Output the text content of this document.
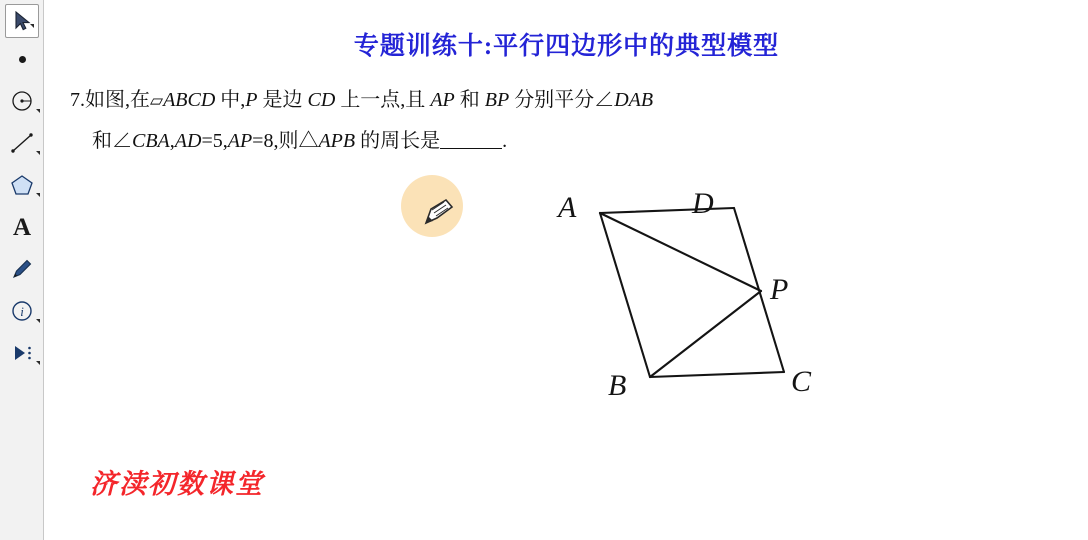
A
i
专题训练十:平行四边形中的典型模型
7.如图,在▱ABCD 中,P 是边 CD 上一点,且 AP 和 BP 分别平分∠DAB
和∠CBA,AD=5,AP=8,则△APB 的周长是	.
A	D
P
B	C
济渎初数课堂
